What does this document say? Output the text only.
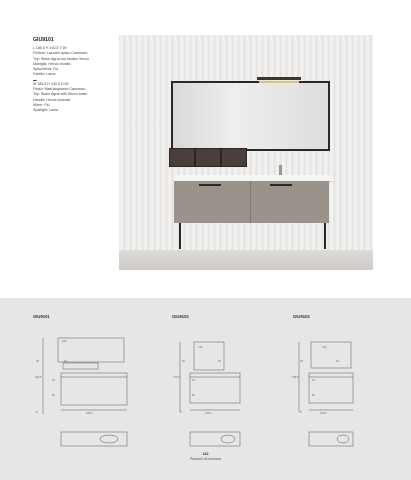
GIU9101
L 185,5 H 192,5 T 59
Finiture: Laccato opaco Camoscio
Top: Stone Agrìa con lavabo Secco
Maniglia: Hexus brunito
Specchiera: Flù
Faretto: Lama
▬
W 185,5 H 192,5 D 59
Finish: Matt lacquered Camoscio
Top: Stone Agria with Secco basin
Handle: Hexus bournist
Mirror: Flù
Spotlight: Lama
GIU9101
100
40	63
45
50
8	185,5
192,5
GIU9102
130
40	63
45
50
8	165,5
172,5
GIU9103
130
20	63
45
50
8	150,5
155,5
162
Pannelli di chiusura
